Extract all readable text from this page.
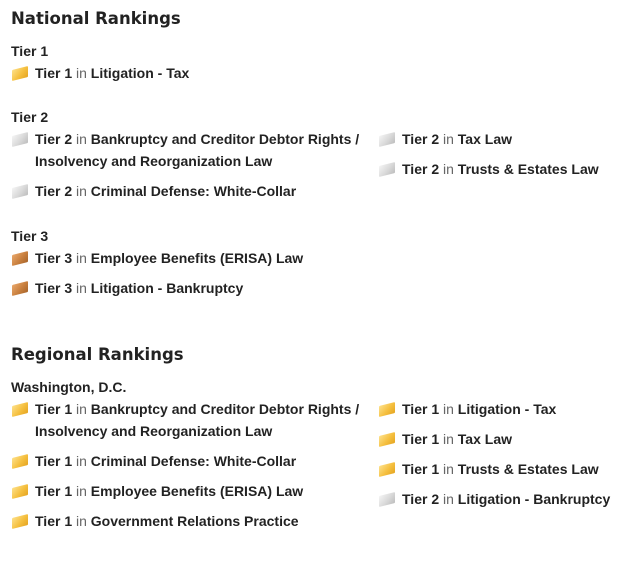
National Rankings
Tier 1
Tier 1 in Litigation - Tax
Tier 2
Tier 2 in Bankruptcy and Creditor Debtor Rights /
Insolvency and Reorganization Law
Tier 2 in Criminal Defense: White-Collar
Tier 2 in Tax Law
Tier 2 in Trusts & Estates Law
Tier 3
Tier 3 in Employee Benefits (ERISA) Law
Tier 3 in Litigation - Bankruptcy
Regional Rankings
Washington, D.C.
Tier 1 in Bankruptcy and Creditor Debtor Rights /
Insolvency and Reorganization Law
Tier 1 in Criminal Defense: White-Collar
Tier 1 in Employee Benefits (ERISA) Law
Tier 1 in Government Relations Practice
Tier 1 in Litigation - Tax
Tier 1 in Tax Law
Tier 1 in Trusts & Estates Law
Tier 2 in Litigation - Bankruptcy
